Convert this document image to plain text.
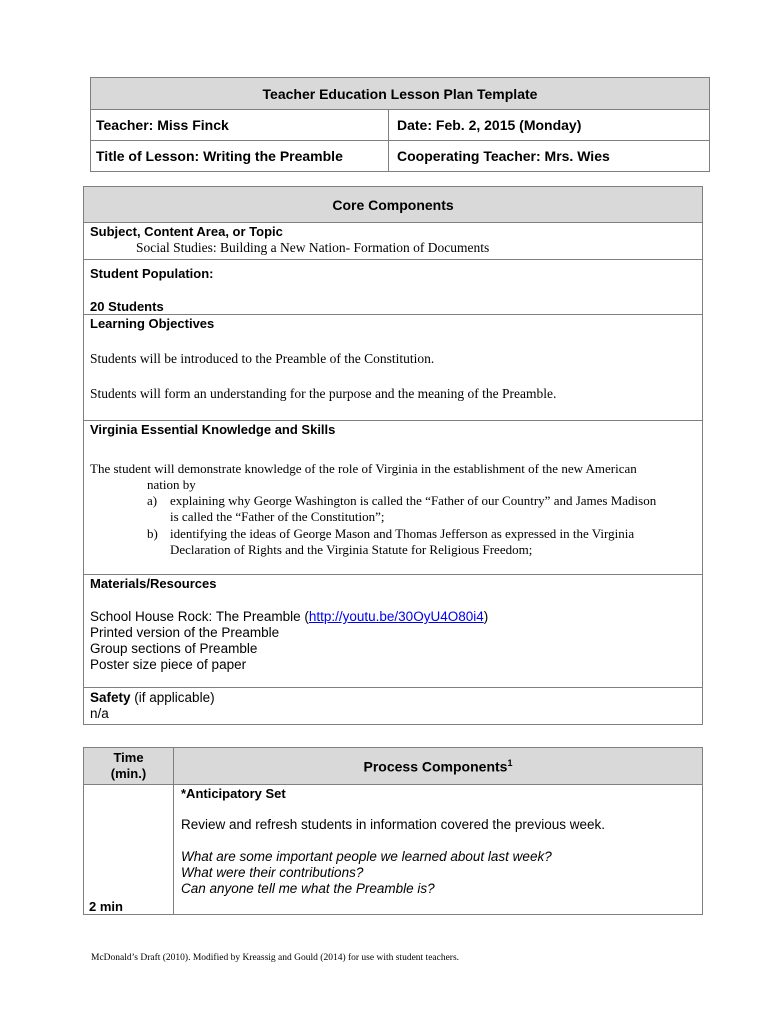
Teacher Education Lesson Plan Template	
Teacher: Miss Finck	Date: Feb. 2, 2015 (Monday)
Title of Lesson: Writing the Preamble	Cooperating Teacher: Mrs. Wies
Core Components

Subject, Content Area, or Topic
Social Studies: Building a New Nation- Formation of Documents

Student Population:
20 Students

Learning Objectives
Students will be introduced to the Preamble of the Constitution.
Students will form an understanding for the purpose and the meaning of the Preamble.

Virginia Essential Knowledge and Skills
The student will demonstrate knowledge of the role of Virginia in the establishment of the new American
nation by
a) explaining why George Washington is called the “Father of our Country” and James Madison
is called the “Father of the Constitution”;
b) identifying the ideas of George Mason and Thomas Jefferson as expressed in the Virginia
Declaration of Rights and the Virginia Statute for Religious Freedom;

Materials/Resources
School House Rock: The Preamble (http://youtu.be/30OyU4O80i4)
Printed version of the Preamble
Group sections of Preamble
Poster size piece of paper

Safety (if applicable)
n/a
Time
(min.)	Process Components$^1$

2 min	*Anticipatory Set
Review and refresh students in information covered the previous week.
What are some important people we learned about last week?
What were their contributions?
Can anyone tell me what the Preamble is?
McDonald’s Draft (2010). Modified by Kreassig and Gould (2014) for use with student teachers.
